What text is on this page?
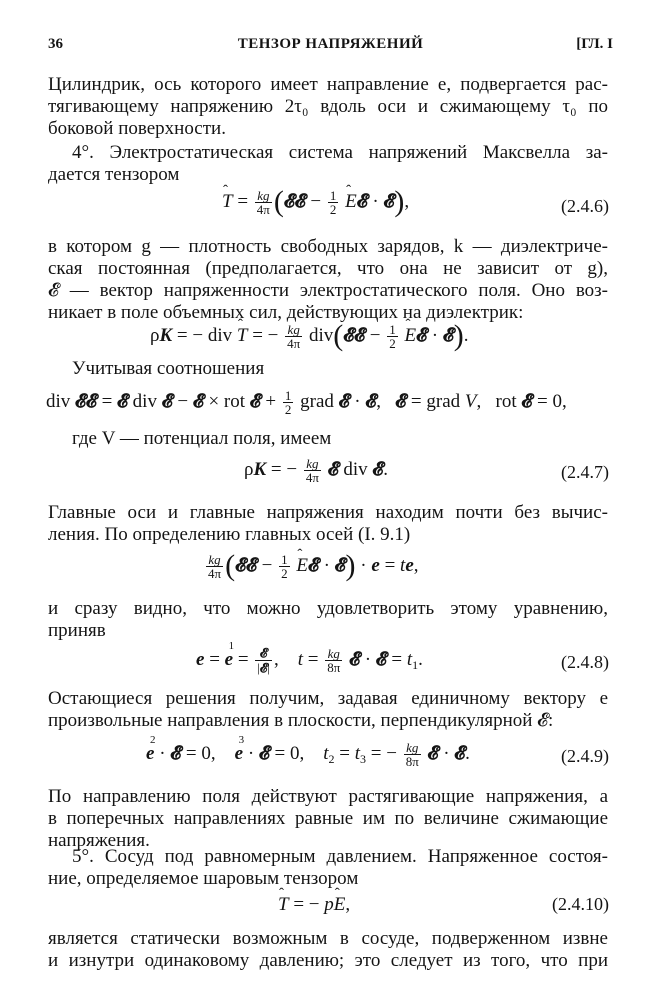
36	ТЕНЗОР НАПРЯЖЕНИЙ	[ГЛ. I
Цилиндрик, ось которого имеет направление e, подвергается рас-
тягивающему напряжению 2τ₀ вдоль оси и сжимающему τ₀ по
боковой поверхности.
4°. Электростатическая система напряжений Максвелла за-
дается тензором
ˆ $T = \frac{kg}{4\pi}$ (𝓔𝓔 − $\frac{1}{2}$ ˆ E𝓔 · 𝓔),	(2.4.6)
в котором g — плотность свободных зарядов, k — диэлектриче-
ская постоянная (предполагается, что она не зависит от g),
𝓔 — вектор напряженности электростатического поля. Оно воз-
никает в поле объемных сил, действующих на диэлектрик:
ρK = − div ˆ T = − $\frac{kg}{4\pi}$ div(𝓔𝓔 − $\frac{1}{2}$ ˆ E𝓔 · 𝓔).
Учитывая соотношения
div 𝓔𝓔 = 𝓔 div 𝓔 − 𝓔 × rot 𝓔 + $\frac{1}{2}$ grad 𝓔 · 𝓔,   𝓔 = grad V,   rot 𝓔 = 0,
где V — потенциал поля, имеем
ρK = − $\frac{kg}{4\pi}$ 𝓔 div 𝓔.	(2.4.7)
Главные оси и главные напряжения находим почти без вычис-
ления. По определению главных осей (I. 9.1)
$\frac{kg}{4\pi}$ (𝓔𝓔 − $\frac{1}{2}$ ˆ E𝓔 · 𝓔) · e = te,
и сразу видно, что можно удовлетворить этому уравнению,
приняв
e =
1
$e = \frac{\text{𝓔}}{\text{|𝓔|}}$ ,    $t = \frac{kg}{8\pi}$ 𝓔 · 𝓔 = $t_1$.	(2.4.8)
Остающиеся решения получим, задавая единичному вектору e
произвольные направления в плоскости, перпендикулярной 𝓔:
2
e · 𝓔 = 0,
3
e · 𝓔 = 0,    $t_2 = t_3$ = − $\frac{kg}{8\pi}$ 𝓔 · 𝓔.	(2.4.9)
По направлению поля действуют растягивающие напряжения, а
в поперечных направлениях равные им по величине сжимающие
напряжения.
5°. Сосуд под равномерным давлением. Напряженное состоя-
ние, определяемое шаровым тензором
ˆ T = − pˆ E,	(2.4.10)
является статически возможным в сосуде, подверженном извне
и изнутри одинаковому давлению; это следует из того, что при
